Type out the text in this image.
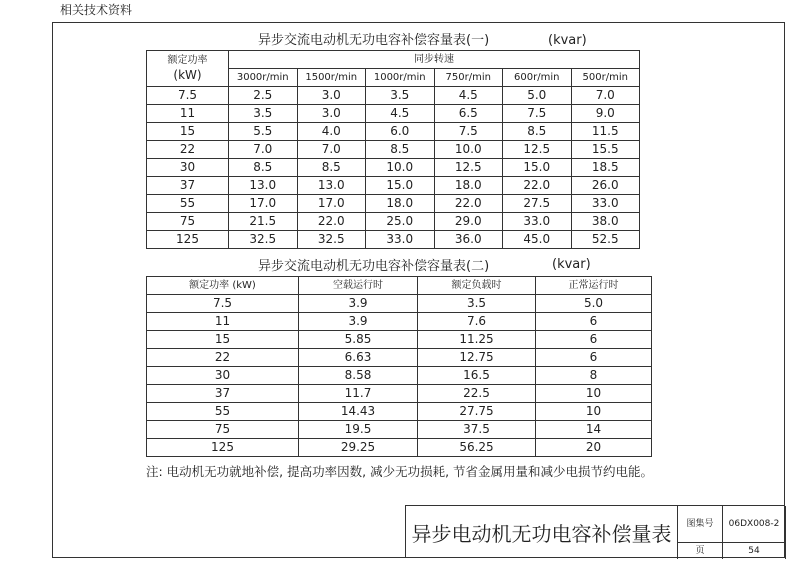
相关技术资料
异步交流电动机无功电容补偿容量表(一)	(kvar)
额定功率
(kW)	同步转速					
	3000r/min	1500r/min	1000r/min	750r/min	600r/min	500r/min
7.5	2.5	3.0	3.5	4.5	5.0	7.0
11	3.5	3.0	4.5	6.5	7.5	9.0
15	5.5	4.0	6.0	7.5	8.5	11.5
22	7.0	7.0	8.5	10.0	12.5	15.5
30	8.5	8.5	10.0	12.5	15.0	18.5
37	13.0	13.0	15.0	18.0	22.0	26.0
55	17.0	17.0	18.0	22.0	27.5	33.0
75	21.5	22.0	25.0	29.0	33.0	38.0
125	32.5	32.5	33.0	36.0	45.0	52.5
异步交流电动机无功电容补偿容量表(二)	(kvar)
额定功率 (kW)	空载运行时	额定负载时	正常运行时
7.5	3.9	3.5	5.0
11	3.9	7.6	6
15	5.85	11.25	6
22	6.63	12.75	6
30	8.58	16.5	8
37	11.7	22.5	10
55	14.43	27.75	10
75	19.5	37.5	14
125	29.25	56.25	20
注: 电动机无功就地补偿, 提高功率因数, 减少无功损耗, 节省金属用量和减少电损节约电能。
异步电动机无功电容补偿量表	图集号	06DX008-2
页	54
